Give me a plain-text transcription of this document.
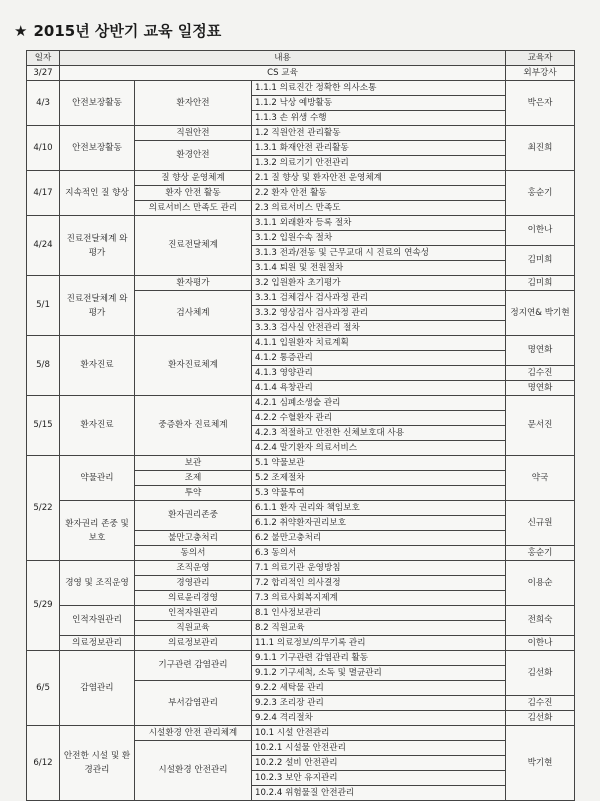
★ 2015년 상반기 교육 일정표
일자	내용			교육자
3/27	CS 교육			외부강사
4/3	안전보장활동	환자안전	1.1.1 의료진간 정확한 의사소통	박은자
			1.1.2 낙상 예방활동	
			1.1.3 손 위생 수행	
4/10	안전보장활동	직원안전	1.2 직원안전 관리활동	최진희
		환경안전	1.3.1 화재안전 관리활동	
			1.3.2 의료기기 안전관리	
4/17	지속적인 질 향상	질 향상 운영체계	2.1 질 향상 및 환자안전 운영체계	홍순기
		환자 안전 활동	2.2 환자 안전 활동	
		의료서비스 만족도 관리	2.3 의료서비스 만족도	
4/24	진료전달체계 와 평가	진료전달체계	3.1.1 외래환자 등록 절차	이한나
			3.1.2 입원수속 절차	
			3.1.3 전과/전동 및 근무교대 시 진료의 연속성	김미희
			3.1.4 퇴원 및 전원절차	
5/1	진료전달체계 와 평가	환자평가	3.2 입원환자 초기평가	김미희
		검사체계	3.3.1 검체검사 검사과정 관리	정지연& 박기현
			3.3.2 영상검사 검사과정 관리	
			3.3.3 검사실 안전관리 절차	
5/8	환자진료	환자진료체계	4.1.1 입원환자 치료계획	명연화
			4.1.2 통증관리	
			4.1.3 영양관리	김수진
			4.1.4 욕창관리	명연화
5/15	환자진료	중증환자 진료체계	4.2.1 심폐소생술 관리	문서진
			4.2.2 수혈환자 관리	
			4.2.3 적절하고 안전한 신체보호대 사용	
			4.2.4 말기환자 의료서비스	
5/22	약물관리	보관	5.1 약물보관	약국
		조제	5.2 조제절차	
		투약	5.3 약물투여	
	환자권리 존중 및 보호	환자권리존중	6.1.1 환자 권리와 책임보호	신규원
			6.1.2 취약환자권리보호	
		불만고충처리	6.2 불만고충처리	
		동의서	6.3 동의서	홍순기
5/29	경영 및 조직운영	조직운영	7.1 의료기관 운영방침	이용순
		경영관리	7.2 합리적인 의사결정	
		의료윤리경영	7.3 의료사회복지제계	
	인적자원관리	인적자원관리	8.1 인사정보관리	전희숙
		직원교육	8.2 직원교육	
	의료정보관리	의료정보관리	11.1 의료정보/의무기록 관리	이한나
6/5	감염관리	기구관련 감염관리	9.1.1 기구관련 감염관리 활동	김선화
			9.1.2 기구세척, 소독 및 멸균관리	
		부서감염관리	9.2.2 세탁물 관리	
			9.2.3 조리장 관리	김수진
			9.2.4 격리절차	김선화
6/12	안전한 시설 및 환경관리	시설환경 안전 관리체계	10.1 시설 안전관리	박기현
		시설환경 안전관리	10.2.1 시설물 안전관리	
			10.2.2 설비 안전관리	
			10.2.3 보안 유지관리	
			10.2.4 위험물질 안전관리	
